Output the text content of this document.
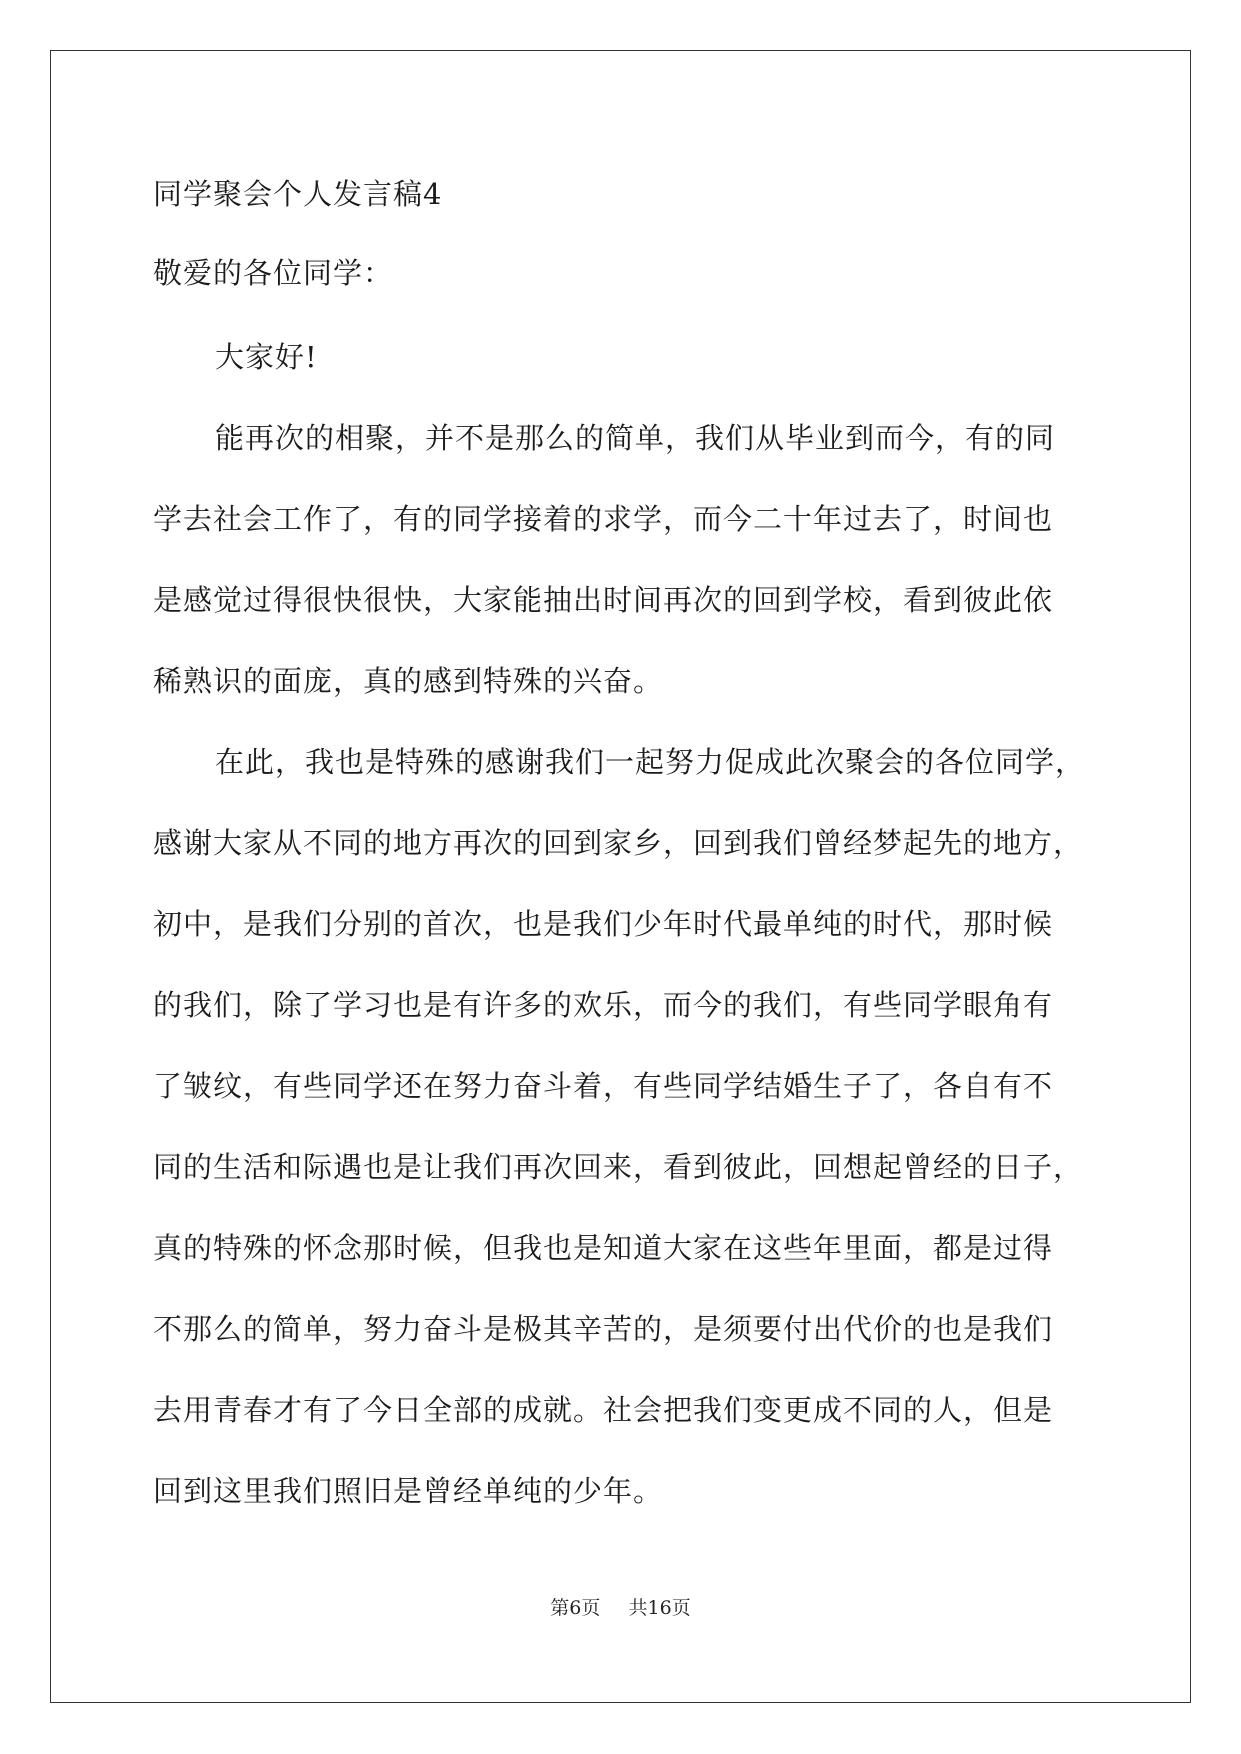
同学聚会个人发言稿4
敬爱的各位同学：
大家好!
能再次的相聚，并不是那么的简单，我们从毕业到而今，有的同
学去社会工作了，有的同学接着的求学，而今二十年过去了，时间也
是感觉过得很快很快，大家能抽出时间再次的回到学校，看到彼此依
稀熟识的面庞，真的感到特殊的兴奋。
在此，我也是特殊的感谢我们一起努力促成此次聚会的各位同学，
感谢大家从不同的地方再次的回到家乡，回到我们曾经梦起先的地方，
初中，是我们分别的首次，也是我们少年时代最单纯的时代，那时候
的我们，除了学习也是有许多的欢乐，而今的我们，有些同学眼角有
了皱纹，有些同学还在努力奋斗着，有些同学结婚生子了，各自有不
同的生活和际遇也是让我们再次回来，看到彼此，回想起曾经的日子，
真的特殊的怀念那时候，但我也是知道大家在这些年里面，都是过得
不那么的简单，努力奋斗是极其辛苦的，是须要付出代价的也是我们
去用青春才有了今日全部的成就。社会把我们变更成不同的人，但是
回到这里我们照旧是曾经单纯的少年。
第6页 共16页
